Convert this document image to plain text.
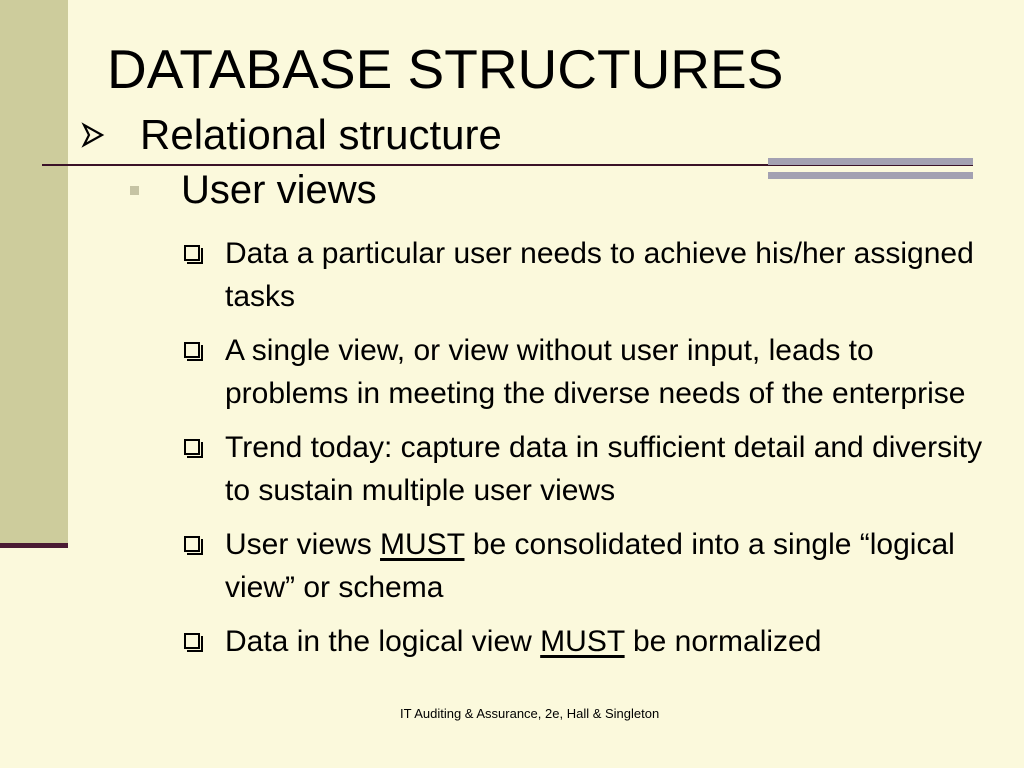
DATABASE STRUCTURES
Relational structure
User views
Data a particular user needs to achieve his/her assigned tasks
A single view, or view without user input, leads to problems in meeting the diverse needs of the enterprise
Trend today: capture data in sufficient detail and diversity to sustain multiple user views
User views MUST be consolidated into a single “logical view” or schema
Data in the logical view MUST be normalized
IT Auditing & Assurance, 2e, Hall & Singleton
